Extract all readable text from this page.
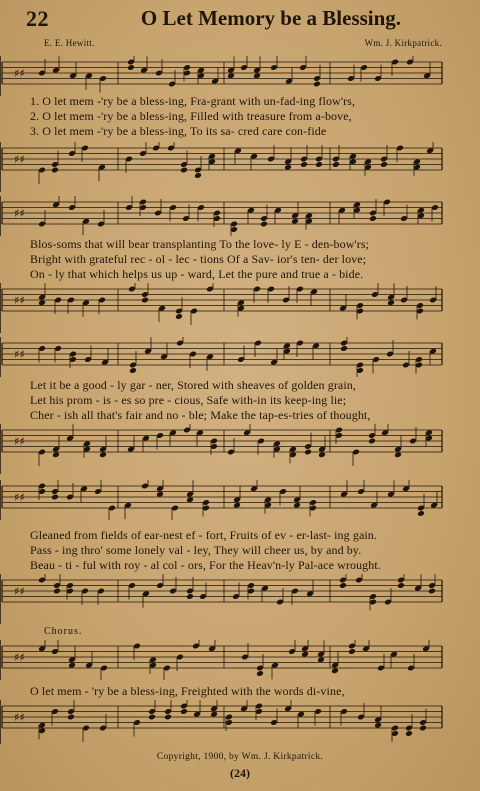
22	O Let Memory be a Blessing.
E. E. Hewitt.	Wm. J. Kirkpatrick.
♯♯
1. O let mem -'ry be a bless-ing, Fra-grant with un-fad-ing flow'rs,
2. O let mem -'ry be a bless-ing, Filled with treasure from a-bove,
3. O let mem -'ry be a bless-ing, To its sa- cred care con-fide
♯♯
♯♯
Blos-soms that will bear transplanting To the love- ly E - den-bow'rs;
Bright with grateful rec - ol - lec - tions Of a Sav- ior's ten- der love;
On - ly that which helps us up - ward, Let the pure and true a - bide.
♯♯
♯♯
Let it be a good - ly gar - ner, Stored with sheaves of golden grain,
Let his prom - is - es so pre - cious, Safe with-in its keep-ing lie;
Cher - ish all that's fair and no - ble; Make the tap-es-tries of thought,
♯♯
♯♯
Gleaned from fields of ear-nest ef - fort, Fruits of ev - er-last- ing gain.
Pass - ing thro' some lonely val - ley, They will cheer us, by and by.
Beau - ti - ful with roy - al col - ors, For the Heav'n-ly Pal-ace wrought.
♯♯
Chorus.
♯♯
O let mem - 'ry be a bless-ing, Freighted with the words di-vine,
♯♯
Copyright, 1900, by Wm. J. Kirkpatrick.
(24)
